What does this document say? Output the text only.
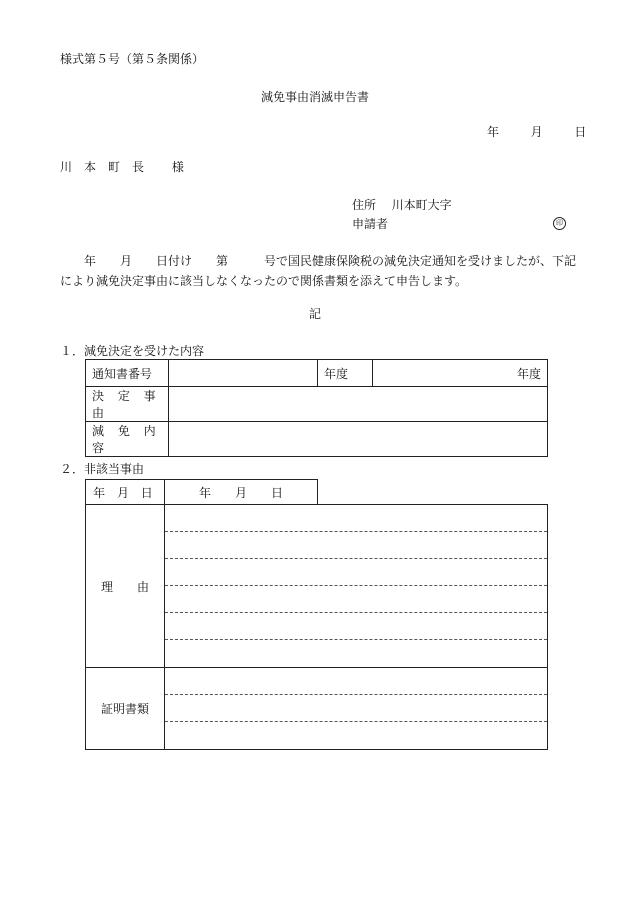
様式第５号（第５条関係）
減免事由消滅申告書
年	月	日
川本町長 様
住所 川本町大字
申請者	印
　　年　　月　　日付け　　第　　　号で国民健康保険税の減免決定通知を受けましたが、下記により減免決定事由に該当しなくなったので関係書類を添えて申告します。
記
１．減免決定を受けた内容
通知書番号		年度	年度
決 定 事 由			
減 免 内 容			
２．非該当事由
年 月 日	年　　月　　日
理　　由	

証明書類	
